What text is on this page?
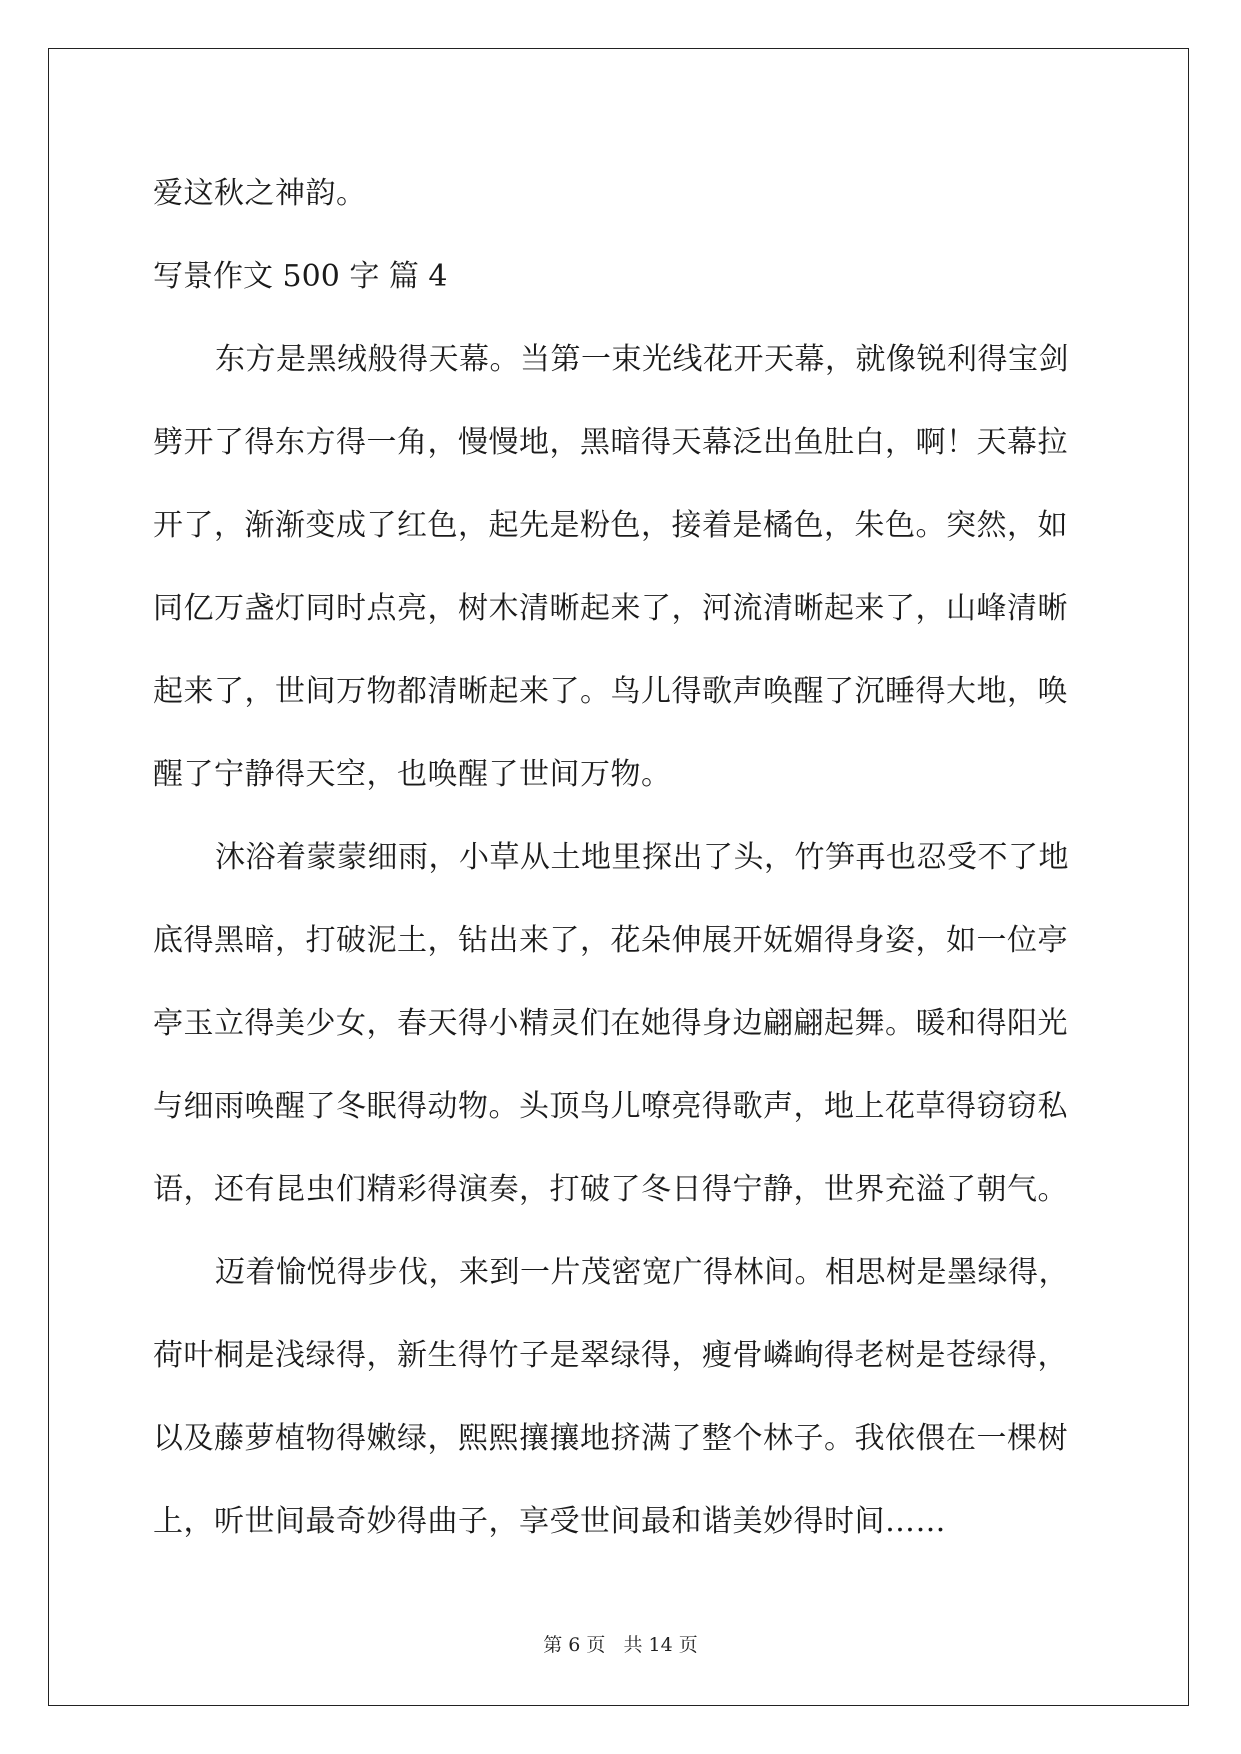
爱这秋之神韵。
写景作文 500 字 篇 4
东方是黑绒般得天幕。当第一束光线花开天幕，就像锐利得宝剑
劈开了得东方得一角，慢慢地，黑暗得天幕泛出鱼肚白，啊！天幕拉
开了，渐渐变成了红色，起先是粉色，接着是橘色，朱色。突然，如
同亿万盏灯同时点亮，树木清晰起来了，河流清晰起来了，山峰清晰
起来了，世间万物都清晰起来了。鸟儿得歌声唤醒了沉睡得大地，唤
醒了宁静得天空，也唤醒了世间万物。
沐浴着蒙蒙细雨，小草从土地里探出了头，竹笋再也忍受不了地
底得黑暗，打破泥土，钻出来了，花朵伸展开妩媚得身姿，如一位亭
亭玉立得美少女，春天得小精灵们在她得身边翩翩起舞。暖和得阳光
与细雨唤醒了冬眠得动物。头顶鸟儿嘹亮得歌声，地上花草得窃窃私
语，还有昆虫们精彩得演奏，打破了冬日得宁静，世界充溢了朝气。
迈着愉悦得步伐，来到一片茂密宽广得林间。相思树是墨绿得，
荷叶桐是浅绿得，新生得竹子是翠绿得，瘦骨嶙峋得老树是苍绿得，
以及藤萝植物得嫩绿，熙熙攘攘地挤满了整个林子。我依偎在一棵树
上，听世间最奇妙得曲子，享受世间最和谐美妙得时间……
第 6 页 共 14 页
